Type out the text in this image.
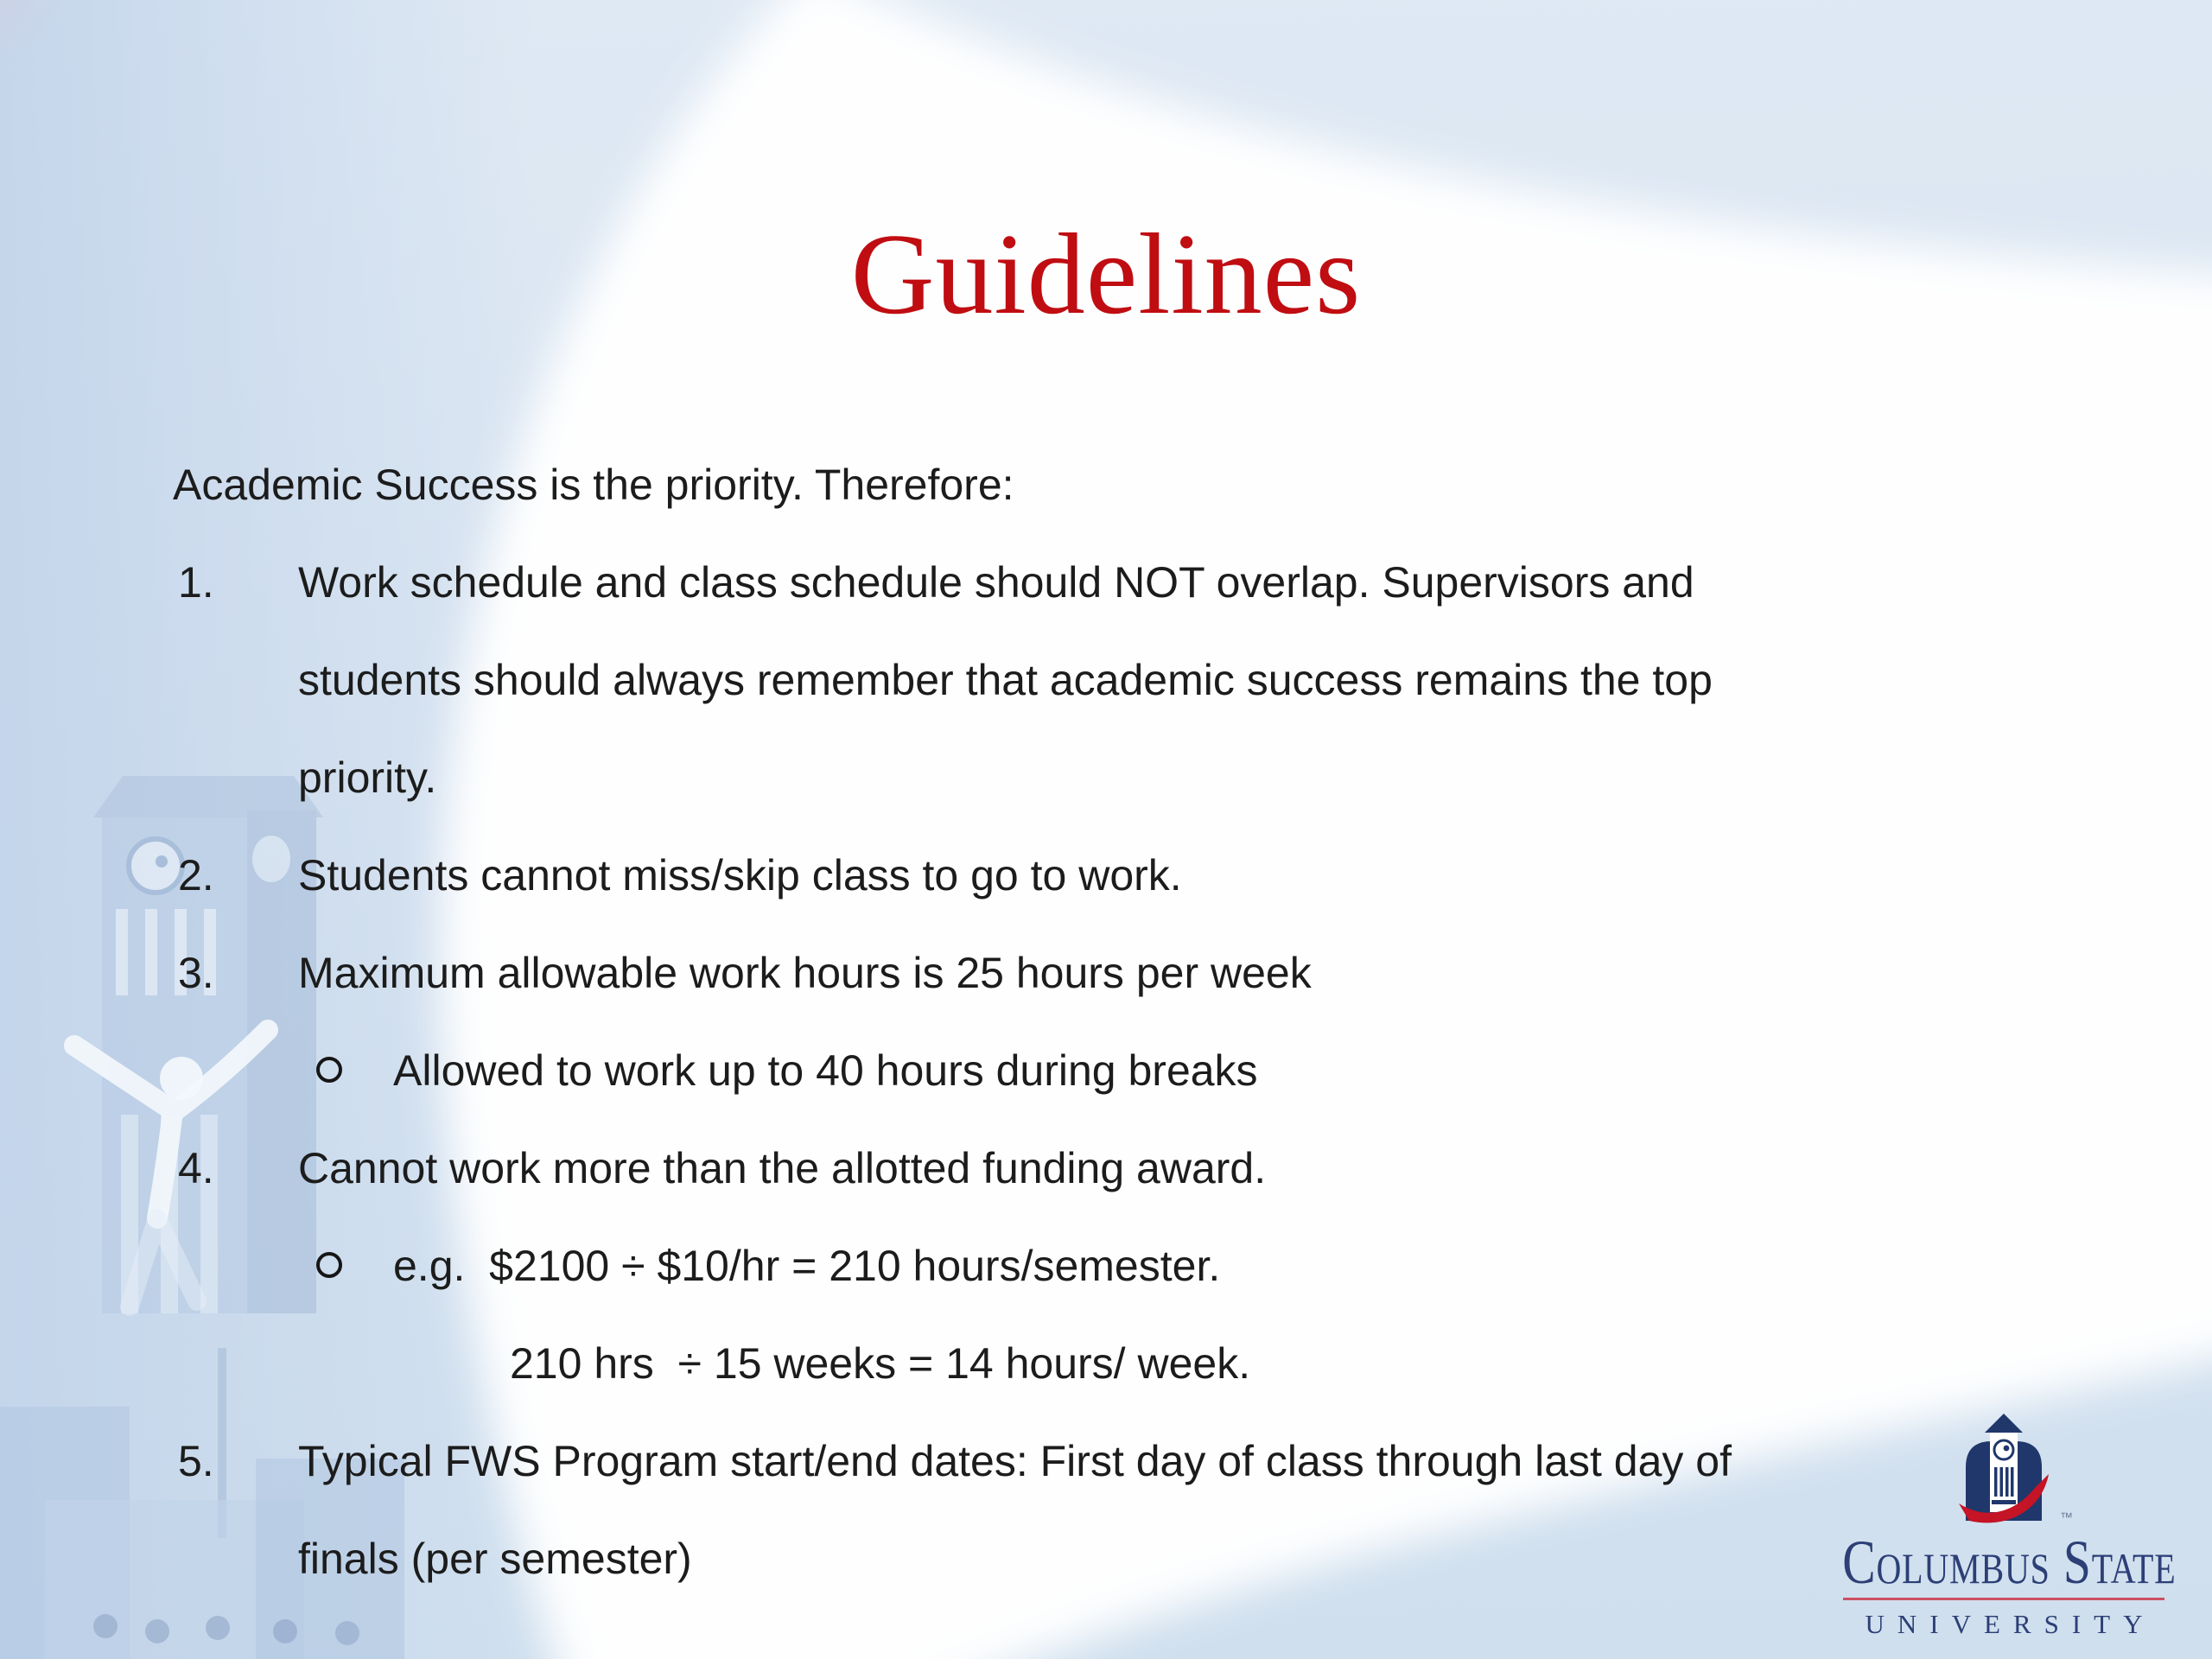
Guidelines
Academic Success is the priority. Therefore:
1. Work schedule and class schedule should NOT overlap. Supervisors and
students should always remember that academic success remains the top
priority.
2. Students cannot miss/skip class to go to work.
3. Maximum allowable work hours is 25 hours per week
Allowed to work up to 40 hours during breaks
4. Cannot work more than the allotted funding award.
e.g.  $2100 ÷ $10/hr = 210 hours/semester.
210 hrs  ÷ 15 weeks = 14 hours/ week.
5. Typical FWS Program start/end dates: First day of class through last day of
finals (per semester)
™
Columbus State
UNIVERSITY
